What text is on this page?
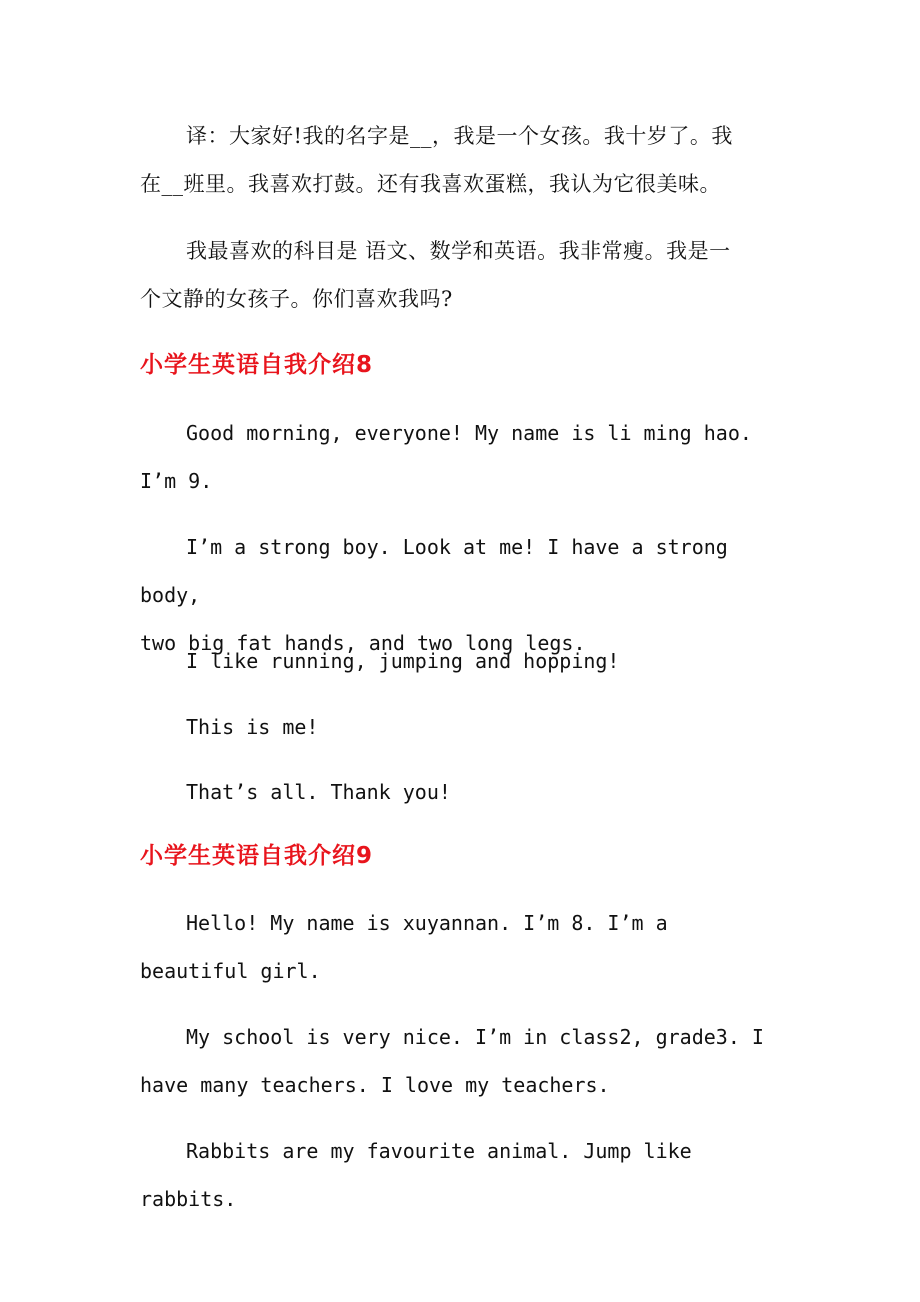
译：大家好!我的名字是__，我是一个女孩。我十岁了。我
在__班里。我喜欢打鼓。还有我喜欢蛋糕，我认为它很美味。

我最喜欢的科目是 语文、数学和英语。我非常瘦。我是一
个文静的女孩子。你们喜欢我吗?

小学生英语自我介绍8

Good morning, everyone! My name is li ming hao.
I’m 9.

I’m a strong boy. Look at me! I have a strong body,
two big fat hands, and two long legs.

I like running, jumping and hopping!

This is me!

That’s all. Thank you!

小学生英语自我介绍9

Hello! My name is xuyannan. I’m 8. I’m a
beautiful girl.

My school is very nice. I’m in class2, grade3. I
have many teachers. I love my teachers.

Rabbits are my favourite animal. Jump like rabbits.
